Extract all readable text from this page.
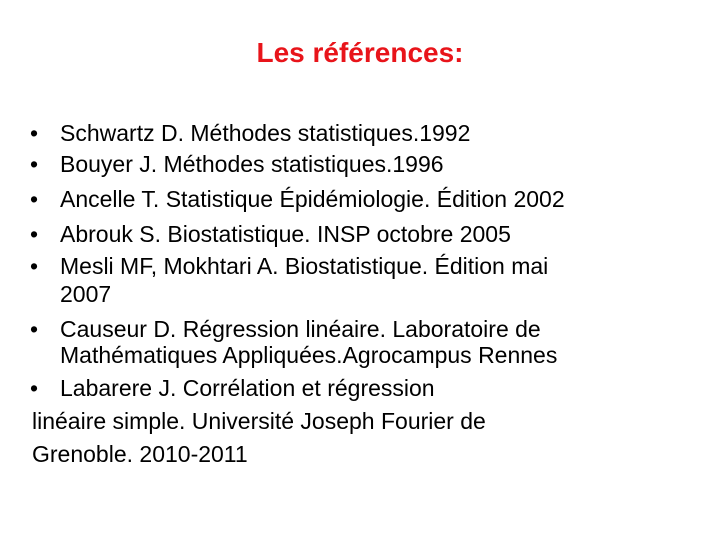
Les références:
• Schwartz D. Méthodes statistiques.1992
• Bouyer J. Méthodes statistiques.1996
• Ancelle T. Statistique Épidémiologie. Édition 2002
• Abrouk S. Biostatistique. INSP octobre 2005
• Mesli MF, Mokhtari A. Biostatistique. Édition mai
2007
• Causeur D. Régression linéaire. Laboratoire de
Mathématiques Appliquées.Agrocampus Rennes
• Labarere J. Corrélation et régression
linéaire simple. Université Joseph Fourier de
Grenoble. 2010-2011
